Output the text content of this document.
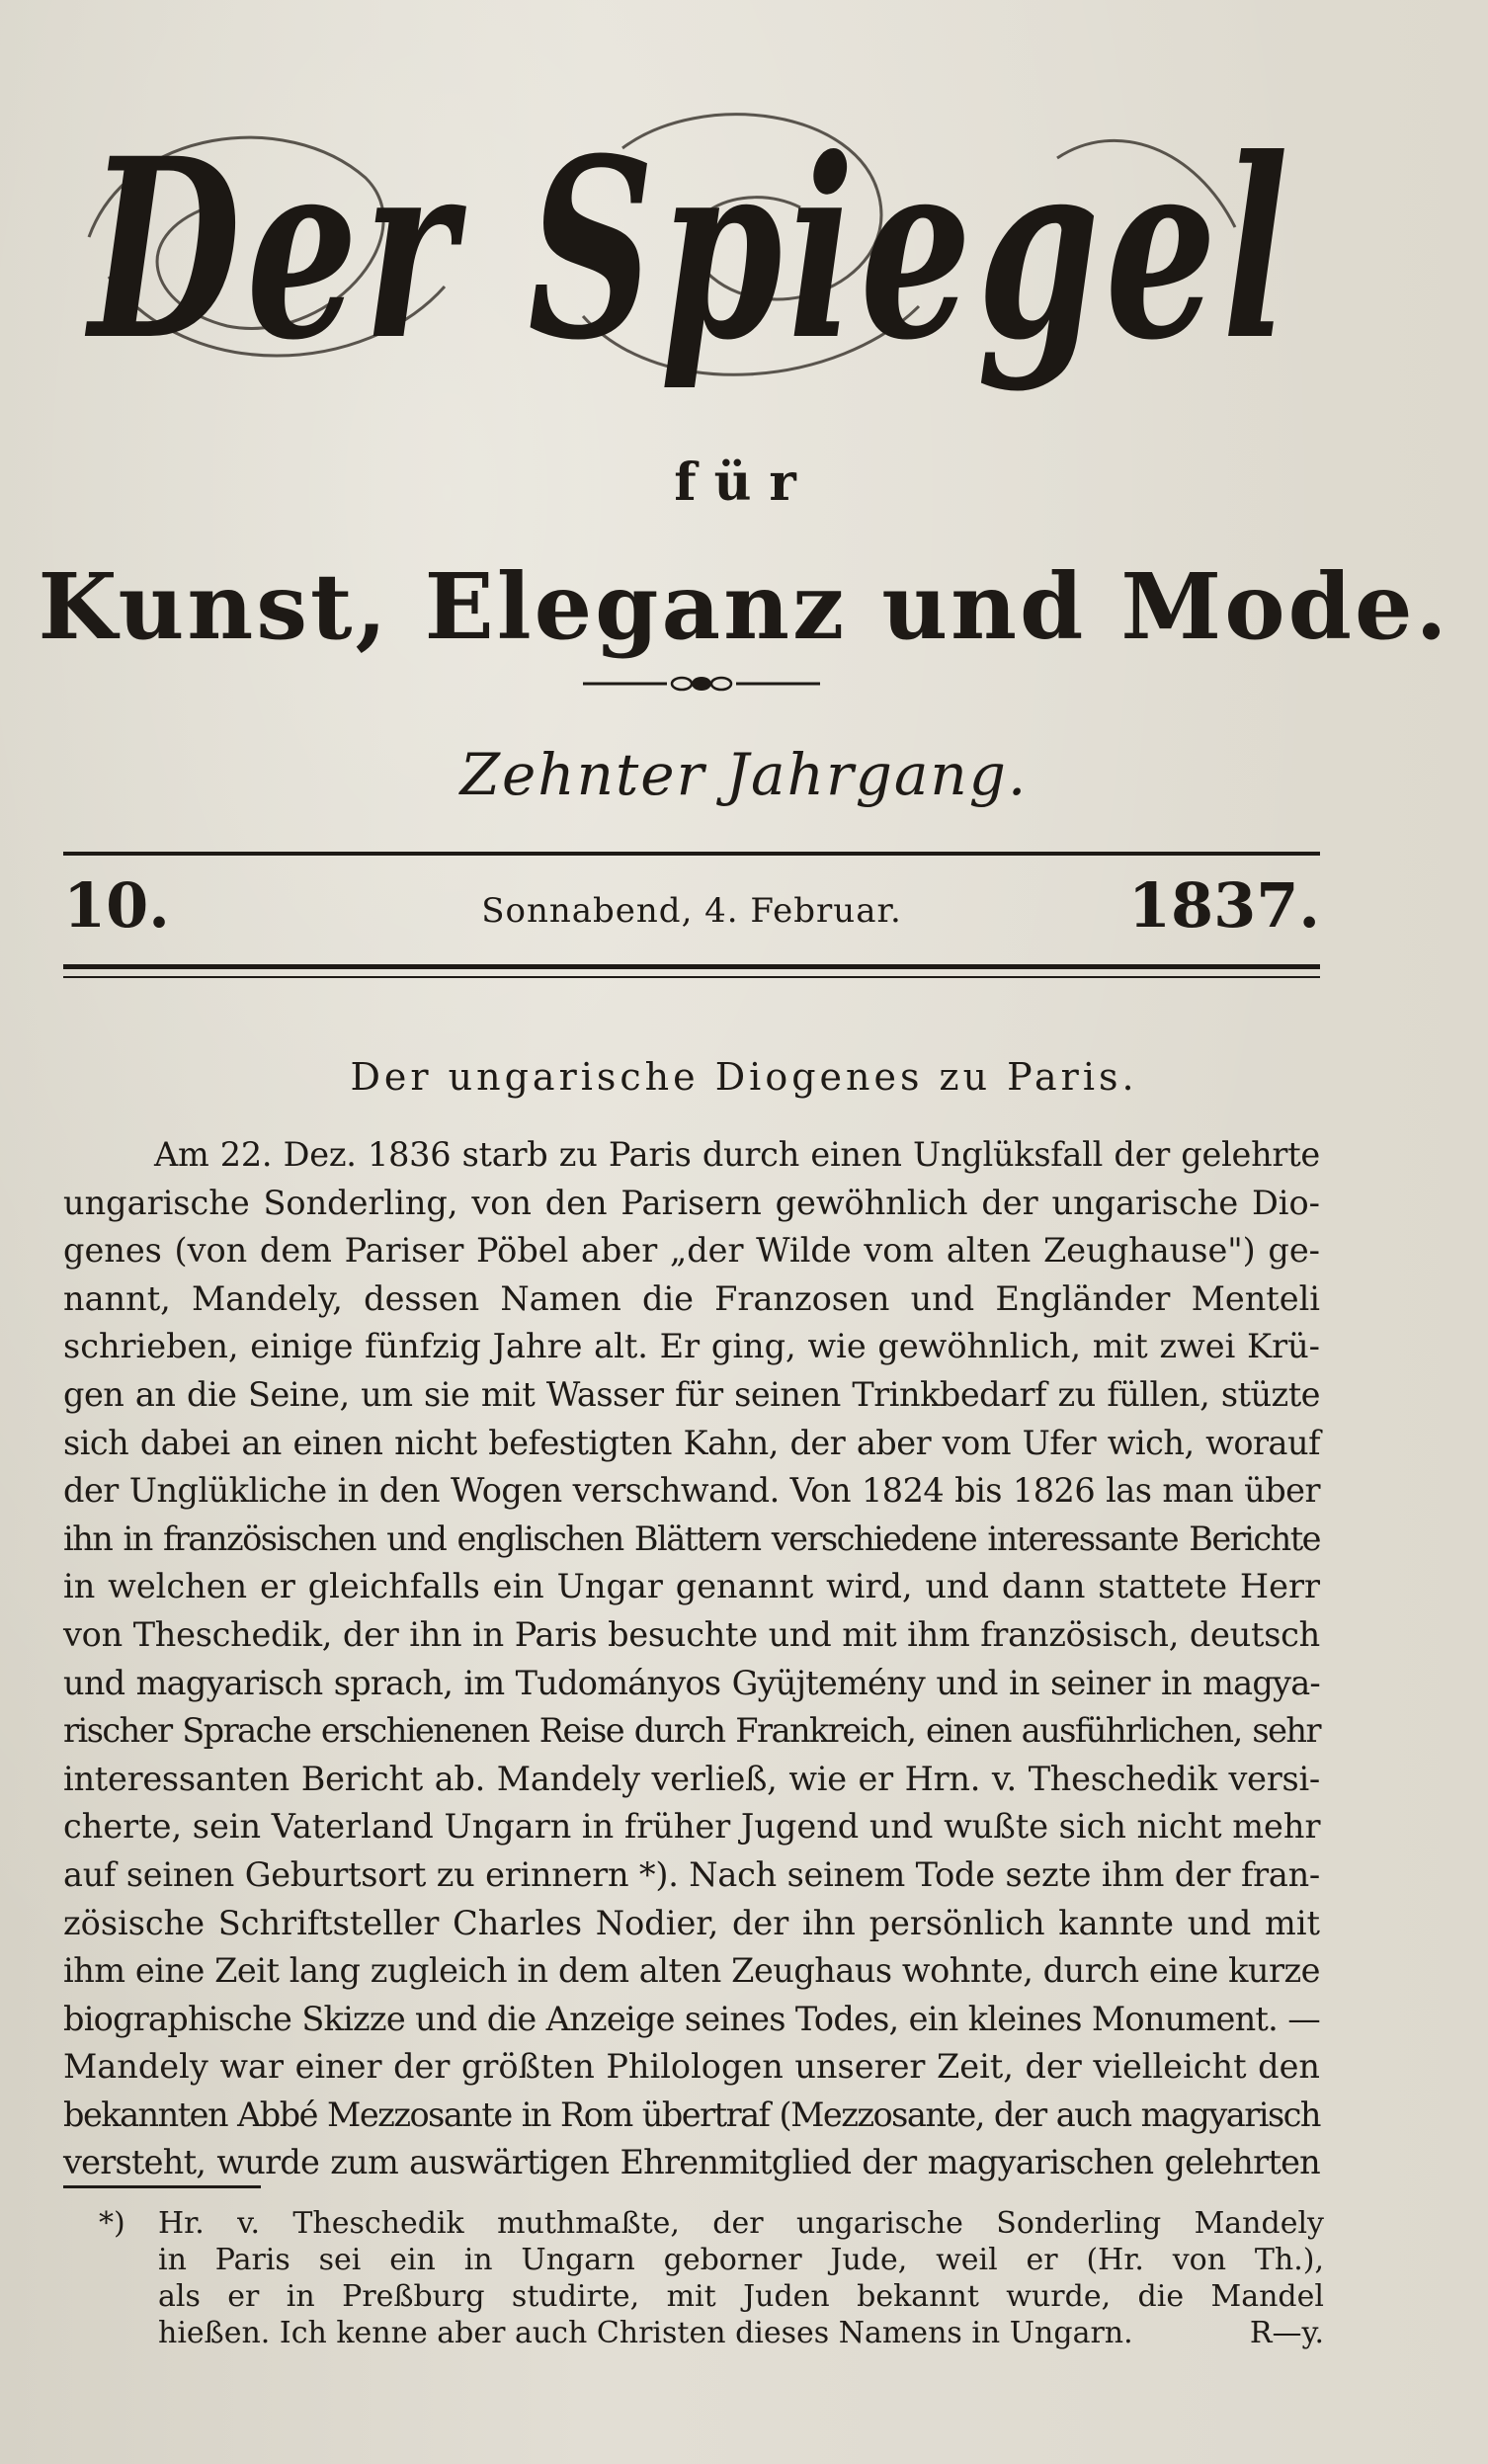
Der Spiegel
für
Kunst, Eleganz und Mode.
Zehnter Jahrgang.
10.	Sonnabend, 4. Februar.	1837.
Der ungarische Diogenes zu Paris.
Am 22. Dez. 1836 starb zu Paris durch einen Unglüksfall der gelehrte
ungarische Sonderling, von den Parisern gewöhnlich der ungarische Dio-
genes (von dem Pariser Pöbel aber „der Wilde vom alten Zeughause") ge-
nannt, Mandely, dessen Namen die Franzosen und Engländer Menteli
schrieben, einige fünfzig Jahre alt. Er ging, wie gewöhnlich, mit zwei Krü-
gen an die Seine, um sie mit Wasser für seinen Trinkbedarf zu füllen, stüzte
sich dabei an einen nicht befestigten Kahn, der aber vom Ufer wich, worauf
der Unglükliche in den Wogen verschwand. Von 1824 bis 1826 las man über
ihn in französischen und englischen Blättern verschiedene interessante Berichte
in welchen er gleichfalls ein Ungar genannt wird, und dann stattete Herr
von Theschedik, der ihn in Paris besuchte und mit ihm französisch, deutsch
und magyarisch sprach, im Tudományos Gyüjtemény und in seiner in magya-
rischer Sprache erschienenen Reise durch Frankreich, einen ausführlichen, sehr
interessanten Bericht ab. Mandely verließ, wie er Hrn. v. Theschedik versi-
cherte, sein Vaterland Ungarn in früher Jugend und wußte sich nicht mehr
auf seinen Geburtsort zu erinnern *). Nach seinem Tode sezte ihm der fran-
zösische Schriftsteller Charles Nodier, der ihn persönlich kannte und mit
ihm eine Zeit lang zugleich in dem alten Zeughaus wohnte, durch eine kurze
biographische Skizze und die Anzeige seines Todes, ein kleines Monument. —
Mandely war einer der größten Philologen unserer Zeit, der vielleicht den
bekannten Abbé Mezzosante in Rom übertraf (Mezzosante, der auch magyarisch
versteht, wurde zum auswärtigen Ehrenmitglied der magyarischen gelehrten
*) Hr. v. Theschedik muthmaßte, der ungarische Sonderling Mandely
in Paris sei ein in Ungarn geborner Jude, weil er (Hr. von Th.),
als er in Preßburg studirte, mit Juden bekannt wurde, die Mandel
hießen. Ich kenne aber auch Christen dieses Namens in Ungarn.	R—y.
